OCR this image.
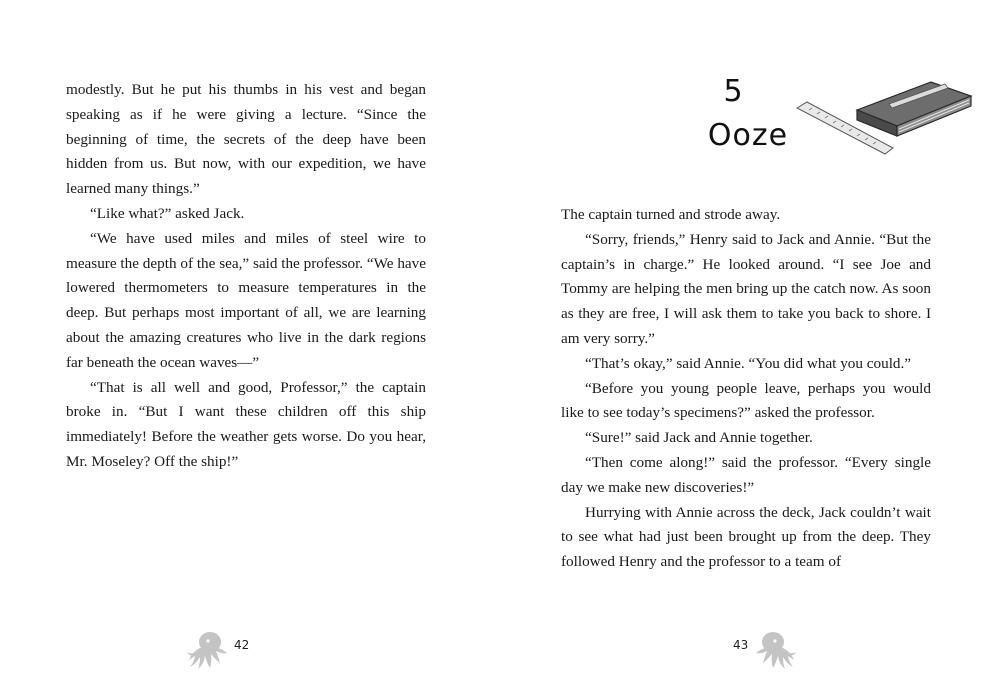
modestly. But he put his thumbs in his vest and began speaking as if he were giving a lecture. “Since the beginning of time, the secrets of the deep have been hidden from us. But now, with our expedition, we have learned many things.”

“Like what?” asked Jack.

“We have used miles and miles of steel wire to measure the depth of the sea,” said the professor. “We have lowered thermometers to measure temperatures in the deep. But perhaps most important of all, we are learning about the amazing creatures who live in the dark regions far beneath the ocean waves—”

“That is all well and good, Professor,” the captain broke in. “But I want these children off this ship immediately! Before the weather gets worse. Do you hear, Mr. Moseley? Off the ship!”

42
5
Ooze

The captain turned and strode away.

“Sorry, friends,” Henry said to Jack and Annie. “But the captain’s in charge.” He looked around. “I see Joe and Tommy are helping the men bring up the catch now. As soon as they are free, I will ask them to take you back to shore. I am very sorry.”

“That’s okay,” said Annie. “You did what you could.”

“Before you young people leave, perhaps you would like to see today’s specimens?” asked the professor.

“Sure!” said Jack and Annie together.

“Then come along!” said the professor. “Every single day we make new discoveries!”

Hurrying with Annie across the deck, Jack couldn’t wait to see what had just been brought up from the deep. They followed Henry and the professor to a team of

43
